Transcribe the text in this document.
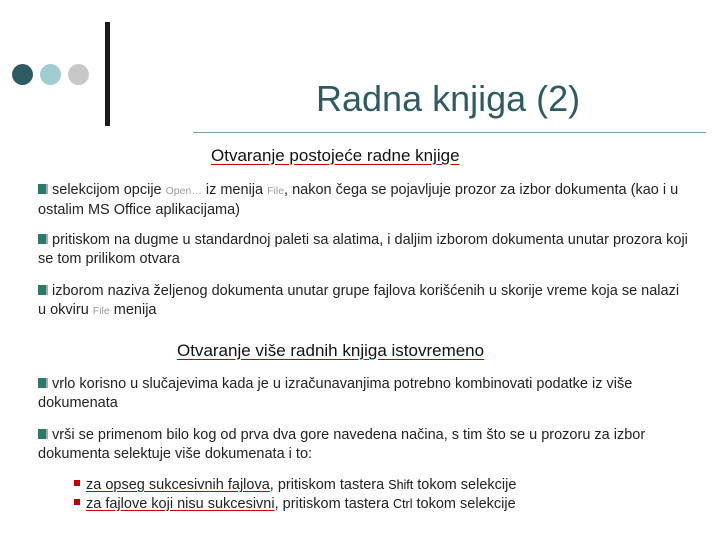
Radna knjiga (2)
Otvaranje postojeće radne knjige

selekcijom opcije Open… iz menija File, nakon čega se pojavljuje prozor za izbor dokumenta (kao i u ostalim MS Office aplikacijama)

pritiskom na dugme u standardnoj paleti sa alatima, i daljim izborom dokumenta unutar prozora koji se tom prilikom otvara

izborom naziva željenog dokumenta unutar grupe fajlova korišćenih u skorije vreme koja se nalazi u okviru File menija

Otvaranje više radnih knjiga istovremeno

vrlo korisno u slučajevima kada je u izračunavanjima potrebno kombinovati podatke iz više dokumenata

vrši se primenom bilo kog od prva dva gore navedena načina, s tim što se u prozoru za izbor dokumenta selektuje više dokumenata i to:

za opseg sukcesivnih fajlova, pritiskom tastera Shift tokom selekcije

za fajlove koji nisu sukcesivni, pritiskom tastera Ctrl tokom selekcije
